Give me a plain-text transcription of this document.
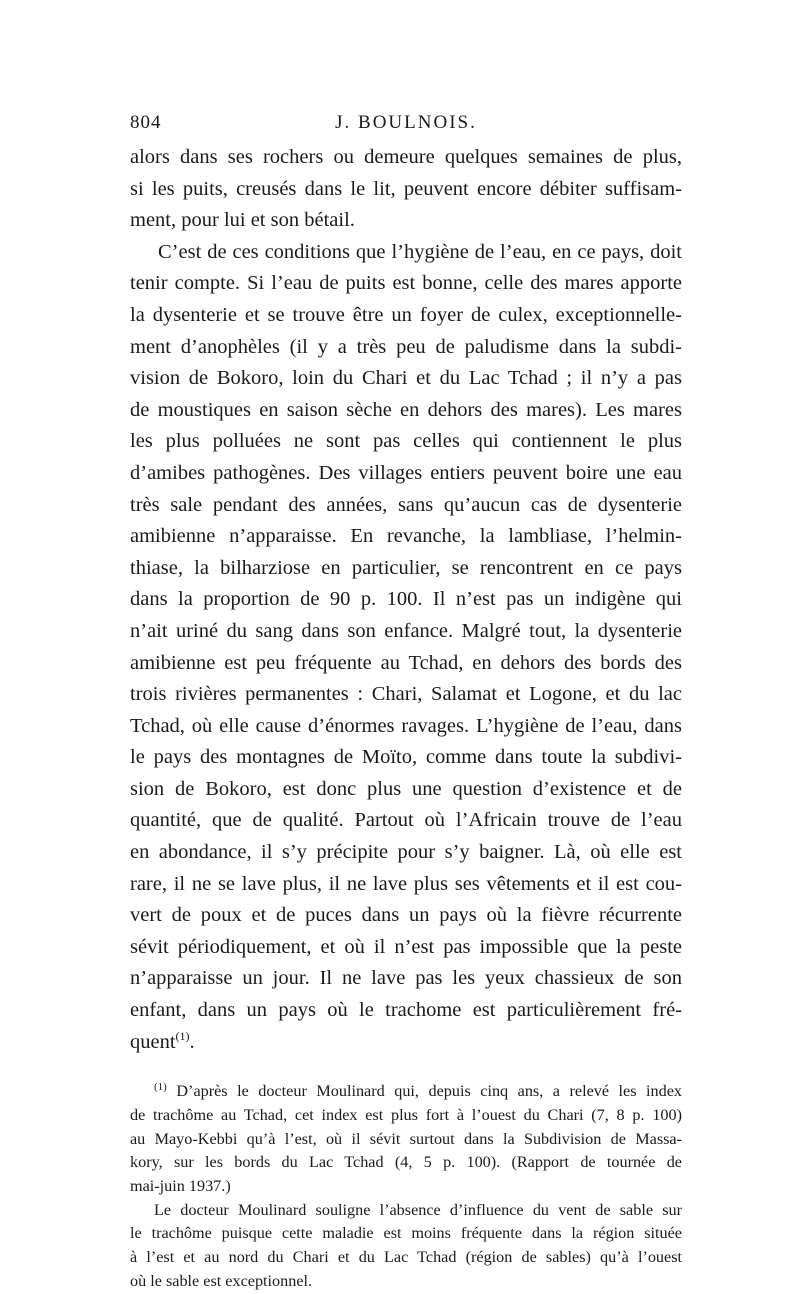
804	J. BOULNOIS.

alors dans ses rochers ou demeure quelques semaines de plus,
si les puits, creusés dans le lit, peuvent encore débiter suffisam-
ment, pour lui et son bétail.

C’est de ces conditions que l’hygiène de l’eau, en ce pays, doit
tenir compte. Si l’eau de puits est bonne, celle des mares apporte
la dysenterie et se trouve être un foyer de culex, exceptionnelle-
ment d’anophèles (il y a très peu de paludisme dans la subdi-
vision de Bokoro, loin du Chari et du Lac Tchad ; il n’y a pas
de moustiques en saison sèche en dehors des mares). Les mares
les plus polluées ne sont pas celles qui contiennent le plus
d’amibes pathogènes. Des villages entiers peuvent boire une eau
très sale pendant des années, sans qu’aucun cas de dysenterie
amibienne n’apparaisse. En revanche, la lambliase, l’helmin-
thiase, la bilharziose en particulier, se rencontrent en ce pays
dans la proportion de 90 p. 100. Il n’est pas un indigène qui
n’ait uriné du sang dans son enfance. Malgré tout, la dysenterie
amibienne est peu fréquente au Tchad, en dehors des bords des
trois rivières permanentes : Chari, Salamat et Logone, et du lac
Tchad, où elle cause d’énormes ravages. L’hygiène de l’eau, dans
le pays des montagnes de Moïto, comme dans toute la subdivi-
sion de Bokoro, est donc plus une question d’existence et de
quantité, que de qualité. Partout où l’Africain trouve de l’eau
en abondance, il s’y précipite pour s’y baigner. Là, où elle est
rare, il ne se lave plus, il ne lave plus ses vêtements et il est cou-
vert de poux et de puces dans un pays où la fièvre récurrente
sévit périodiquement, et où il n’est pas impossible que la peste
n’apparaisse un jour. Il ne lave pas les yeux chassieux de son
enfant, dans un pays où le trachome est particulièrement fré-
quent$^{(1)}$.

$^{(1)}$ D’après le docteur Moulinard qui, depuis cinq ans, a relevé les index
de trachôme au Tchad, cet index est plus fort à l’ouest du Chari (7, 8 p. 100)
au Mayo-Kebbi qu’à l’est, où il sévit surtout dans la Subdivision de Massa-
kory, sur les bords du Lac Tchad (4, 5 p. 100). (Rapport de tournée de
mai-juin 1937.)

Le docteur Moulinard souligne l’absence d’influence du vent de sable sur
le trachôme puisque cette maladie est moins fréquente dans la région située
à l’est et au nord du Chari et du Lac Tchad (région de sables) qu’à l’ouest
où le sable est exceptionnel.
